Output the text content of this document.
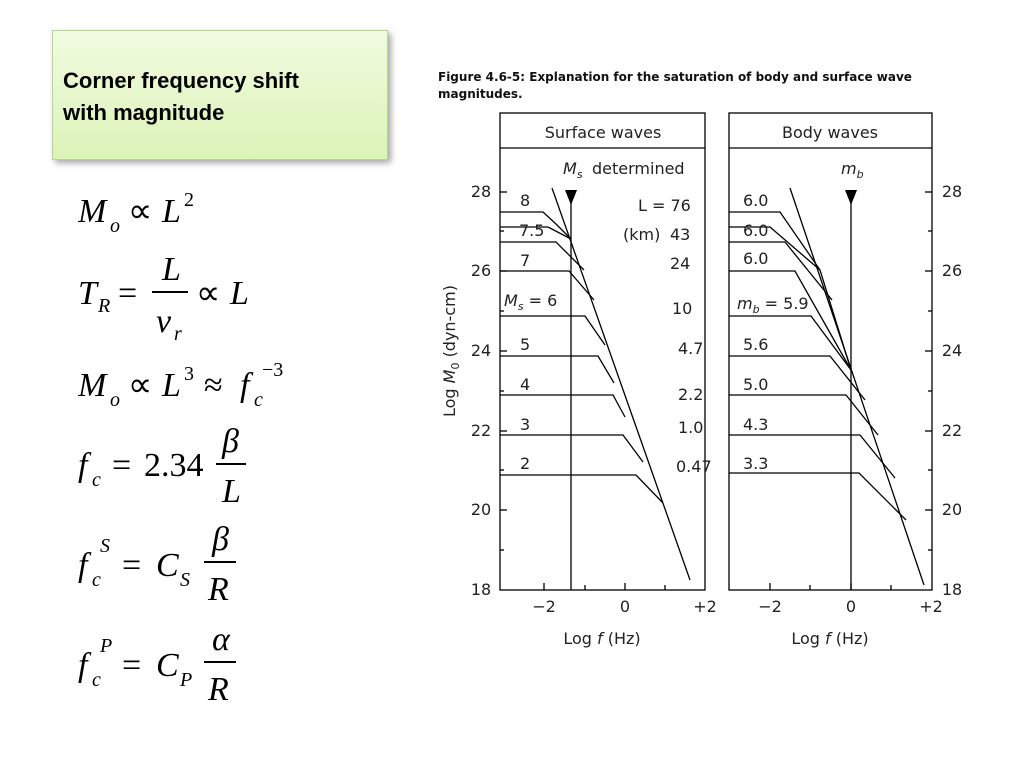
Corner frequency shift
with magnitude
M o ∝ L 2
T R =
L
v r
∝ L
M o ∝ L 3 ≈ f c
−3
f c = 2.34
β
L
f c
S
= C S
β
R
f c
P
= C P
α
R
Figure 4.6-5: Explanation for the saturation of body and surface wave
magnitudes.
Surface waves
$M_s$ determined
Body waves
$m_b$
28
26
24
22
20
18
28
26
24
22
20
18
Log $M_0$ (dyn-cm)
−2	0	+2	−2	0	+2
Log f (Hz)	Log f (Hz)
8
7.5
7
$M_s = 6$
5
4
3
2
L = 76
(km) 43
24
10
4.7
2.2
1.0
0.47
6.0
6.0
6.0
$m_b = 5.9$
5.6
5.0
4.3
3.3
